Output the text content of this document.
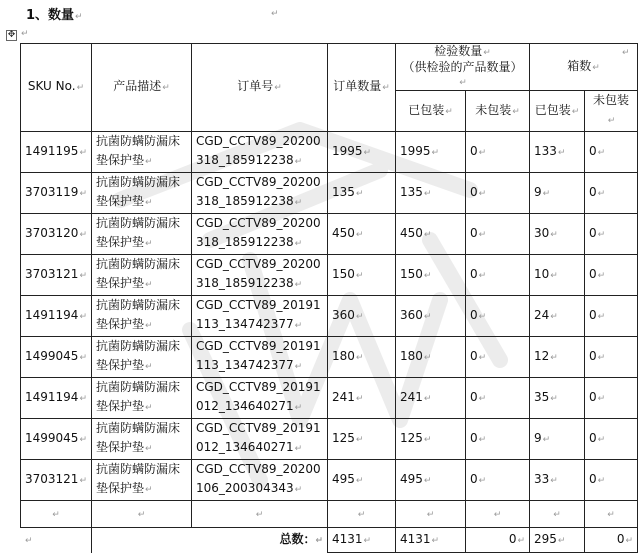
1、数量↵
✥ ↵
↵
↵
SKU No.↵	产品描述↵	订单号↵	订单数量↵	检验数量↵
（供检验的产品数量）↵		箱数↵	
				已包装↵	未包装↵	已包装↵	未包装↵
1491195↵	抗菌防螨防漏床
垫保护垫↵	CGD_CCTV89_20200
318_185912238↵	1995↵	1995↵	0↵	133↵	0↵
3703119↵	抗菌防螨防漏床
垫保护垫↵	CGD_CCTV89_20200
318_185912238↵	135↵	135↵	0↵	9↵	0↵
3703120↵	抗菌防螨防漏床
垫保护垫↵	CGD_CCTV89_20200
318_185912238↵	450↵	450↵	0↵	30↵	0↵
3703121↵	抗菌防螨防漏床
垫保护垫↵	CGD_CCTV89_20200
318_185912238↵	150↵	150↵	0↵	10↵	0↵
1491194↵	抗菌防螨防漏床
垫保护垫↵	CGD_CCTV89_20191
113_134742377↵	360↵	360↵	0↵	24↵	0↵
1499045↵	抗菌防螨防漏床
垫保护垫↵	CGD_CCTV89_20191
113_134742377↵	180↵	180↵	0↵	12↵	0↵
1491194↵	抗菌防螨防漏床
垫保护垫↵	CGD_CCTV89_20191
012_134640271↵	241↵	241↵	0↵	35↵	0↵
1499045↵	抗菌防螨防漏床
垫保护垫↵	CGD_CCTV89_20191
012_134640271↵	125↵	125↵	0↵	9↵	0↵
3703121↵	抗菌防螨防漏床
垫保护垫↵	CGD_CCTV89_20200
106_200304343↵	495↵	495↵	0↵	33↵	0↵
↵	↵	↵	↵	↵	↵	↵	↵
↵	总数：↵		4131↵	4131↵	0↵	295↵	0↵
